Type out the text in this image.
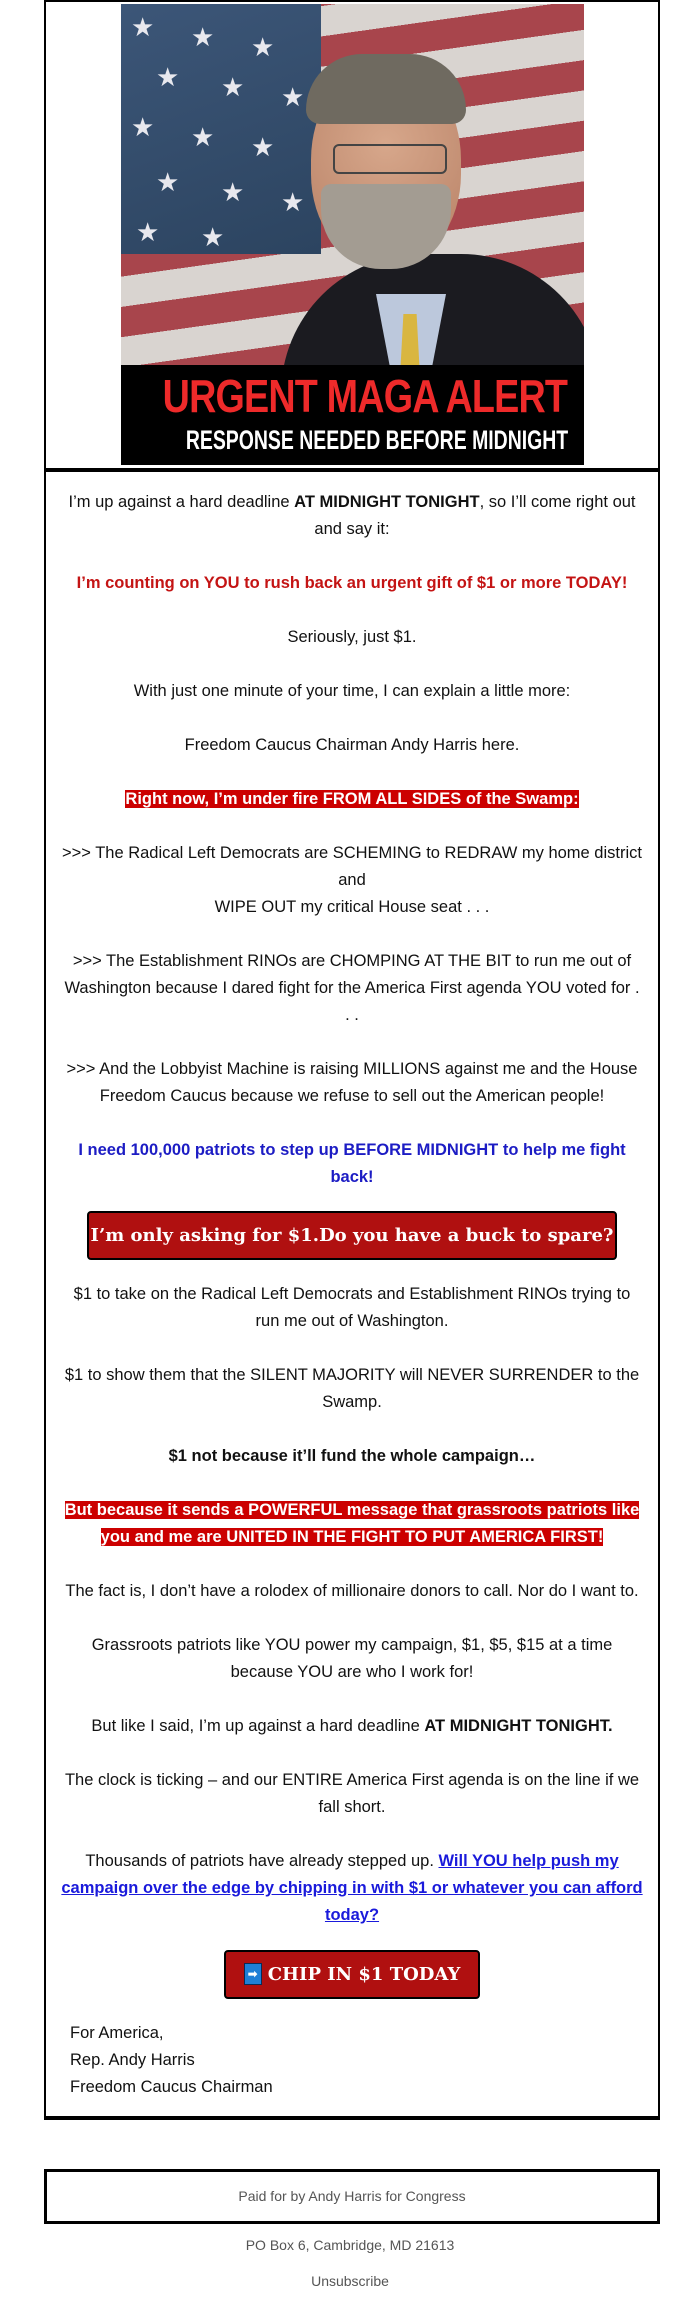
★ ★ ★
★ ★ ★
★ ★ ★
★ ★ ★
★ ★
URGENT MAGA ALERT
RESPONSE NEEDED BEFORE MIDNIGHT

I’m up against a hard deadline AT MIDNIGHT TONIGHT, so I’ll come right out and say it:

I’m counting on YOU to rush back an urgent gift of $1 or more TODAY!

Seriously, just $1.

With just one minute of your time, I can explain a little more:

Freedom Caucus Chairman Andy Harris here.

Right now, I’m under fire FROM ALL SIDES of the Swamp:

>>> The Radical Left Democrats are SCHEMING to REDRAW my home district and
WIPE OUT my critical House seat . . .

>>> The Establishment RINOs are CHOMPING AT THE BIT to run me out of Washington because I dared fight for the America First agenda YOU voted for . . .

>>> And the Lobbyist Machine is raising MILLIONS against me and the House Freedom Caucus because we refuse to sell out the American people!

I need 100,000 patriots to step up BEFORE MIDNIGHT to help me fight back!

I’m only asking for $1.Do you have a buck to spare?

$1 to take on the Radical Left Democrats and Establishment RINOs trying to run me out of Washington.

$1 to show them that the SILENT MAJORITY will NEVER SURRENDER to the Swamp.

$1 not because it’ll fund the whole campaign…

But because it sends a POWERFUL message that grassroots patriots like you and me are UNITED IN THE FIGHT TO PUT AMERICA FIRST!

The fact is, I don’t have a rolodex of millionaire donors to call. Nor do I want to.

Grassroots patriots like YOU power my campaign, $1, $5, $15 at a time because YOU are who I work for!

But like I said, I’m up against a hard deadline AT MIDNIGHT TONIGHT.

The clock is ticking – and our ENTIRE America First agenda is on the line if we fall short.

Thousands of patriots have already stepped up. Will YOU help push my campaign over the edge by chipping in with $1 or whatever you can afford today?

➡ CHIP IN $1 TODAY
For America,
Rep. Andy Harris
Freedom Caucus Chairman
Paid for by Andy Harris for Congress
PO Box 6, Cambridge, MD 21613
Unsubscribe
